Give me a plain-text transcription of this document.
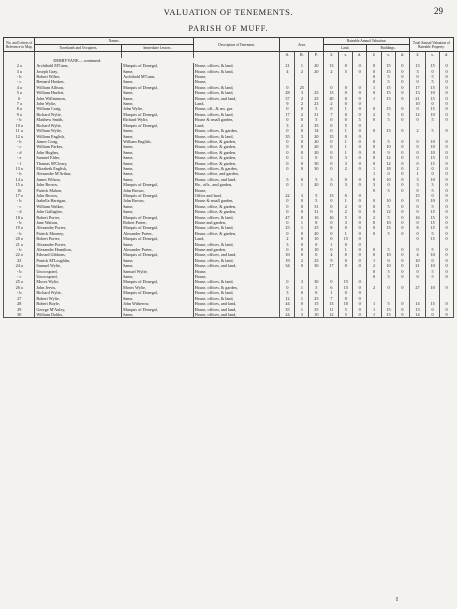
VALUATION OF TENEMENTS.	29
PARISH OF MUFF.
No. and Letters of Reference to Map.	Names.		Description of Tenement.	Area.			Rateable Annual Valuation.						Total Annual Valuation of Rateable Property.		
	Townlands and Occupiers.	Immediate Lessors.					Land.			Buildings.					
				A.	R.	P.	£	s.	d.	£	s.	d.	£	s.	d.
	DERRYVANE— continued.														
2 a	Archibald M'Cann,	Marquis of Donegal,	House, offices, & land,	21	1	20	13	0	0	0	15	0	13	15	0
3 a	Joseph Gray,	Same,	House, offices, & land,	4	2	20	2	5	0	0	15	0	3	0	0
- b	Robert Wilter,	Archibald M'Cann,	House,							0	5	0	0	5	0
- c	Bernard Hasken,	Same,	House,							0	5	0	0	5	0
4 a	William Allison,	Marquis of Donegal,	House, offices, & land,	0	25		0	0	0	1	15	0	17	15	0
5 a	William Hazlett,	Same,	House, offices, & land,	28	3	25	13	0	0	0	15	0	13	10	0
6	John Williamson,	Same,	House, offices, and land,	37	2	25	20	0	0	1	15	0	21	15	0
7 a	John Wylie,	Same,	Land,	9	2	23	2	0	0				10	0	0
8 a	William Craig,	John Wylie,	House, off., & sm. gar.	0	0	5	0	1	0	0	15	0	0	15	0
9 a	Richard Wylie,	Marquis of Donegal,	House, offices, & land,	17	2	31	7	0	0	2	5	0	12	10	0
- b	Matthew Smith,	Richard Wylie,	House & small garden,	0	0	5	0	0	5	0	5	0	0	5	0
10 a	Richard Wylie,	Marquis of Donegal,	Land,	3	2	35	0	5	0						
11 a	William Wylie,	Same,	House, offices, & garden,	0	0	14	0	1	0	0	15	0	2	5	0
12 a	William English,	Same,	House, offices, & land,	35	3	20	15	0	0						
- b	James Craig,	William English,	House, office, & garden,	0	0	20	0	1	0	0	5	0	0	10	0
- c	William Parkes,	Same,	House, office, & garden,	0	0	20	0	1	0	0	10	0	0	10	0
- d	John Hughes,	Same,	House, office, & garden,	0	0	20	0	1	0	0	9	0	0	10	0
- e	Samuel Elder,	Same,	House, office, & garden,	0	1	0	0	3	0	0	12	0	0	15	0
- f	Thomas M'Cleary,	Same,	House, office, & garden,	0	0	30	0	3	0	0	12	0	0	15	0
13 a	Elizabeth English,	Same,	House, offices, & garden,	0	0	30	0	2	0	1	18	0	2	0	0
- b	Alexander M'Arthur,	Same,	House, office, and garden,							1	0	0	1	0	0
14 a	James Wilson,	Same,	House, offices, and land,	5	0	5	3	0	0	0	10	0	3	10	0
15 a	John Brown,	Marquis of Donegal,	Ho., offs., and garden,	0	1	20	0	3	0	3	0	0	3	3	0
16	Patrick Mahon,	John Brown,	House,							0	5	0	0	5	0
17 a	John Brown,	Marquis of Donegal,	Office and land,	22	3	5	13	0	0				15	0	0
- b	Isabella Harrigan,	John Brown,	House & small garden,	0	0	5	0	1	0	0	10	0	0	10	0
- c	William Walker,	Same,	House, office, & garden,	0	0	31	0	2	0	0	5	0	0	5	0
- d	John Gallagher,	Same,	House, office, & garden,	0	0	31	0	2	0	0	12	0	0	15	0
18 a	Robert Porter,	Marquis of Donegal,	House, offices, & land,	47	0	16	16	5	0	2	5	0	16	15	0
- b	Jane Watson,	Robert Porter,	House and garden,	0	1	8	0	3	0	0	10	0	0	15	0
19 a	Alexander Porter,	Marquis of Donegal,	House, offices, & land,	25	1	25	8	0	0	0	15	0	8	15	0
- b	Patrick Mooney,	Alexander Porter,	House, office, & garden,	0	0	20	0	1	0	0	5	0	0	5	0
20 a	Robert Porter,	Marquis of Donegal,	Land,	2	0	10	0	15	0				0	15	0
21 a	Alexander Porter,	Same,	House, offices, & land,	3	0	0	1	0	0						
- b	Alexander Hamilton,	Alexander Porter,	House and garden,	0	0	10	0	1	0	0	5	0	0	5	0
22 a	Edward Gibbons,	Marquis of Donegal,	House, offices, and land,	10	0	0	4	0	0	0	10	0	4	10	0
23	Patrick M'Loughlin,	Same,	House, offices, & land,	19	2	25	9	0	0	1	0	0	10	0	0
24 a	Samuel Wylie,	Same,	House, offices, and land,	34	0	30	17	0	0	2	10	0	21	10	0
- b	Unoccupied,	Samuel Wylie,	House,							0	5	0	0	5	0
- c	Unoccupied,	Same,	House,							0	5	0	0	5	0
25 a	Moses Wylie,	Marquis of Donegal,	House, offices, & land,	0	3	30	0	15	0						
26 a	John Jervis,	Moses Wylie,	House, offices, & garden,	0	1	5	6	15	0	2	0	0	27	10	0
- b	Richard Wylie,	Marquis of Donegal,	House, offices, & land,	3	0	0	1	0	0						
27	Robert Wylie,	Same,	House, offices, & land,	12	1	25	7	0	0						
28	Robert Boyle,	John Witherow,	House, offices, and land,	44	0	15	13	10	0	1	5	0	14	15	0
29	George M'Auley,	Marquis of Donegal,	House, offices, and land,	35	1	35	11	5	0	1	15	0	13	0	0
30	William Dobbs,	Same,	House, offices, and land,	24	3	10	12	5	0	1	15	0	14	0	0
I
